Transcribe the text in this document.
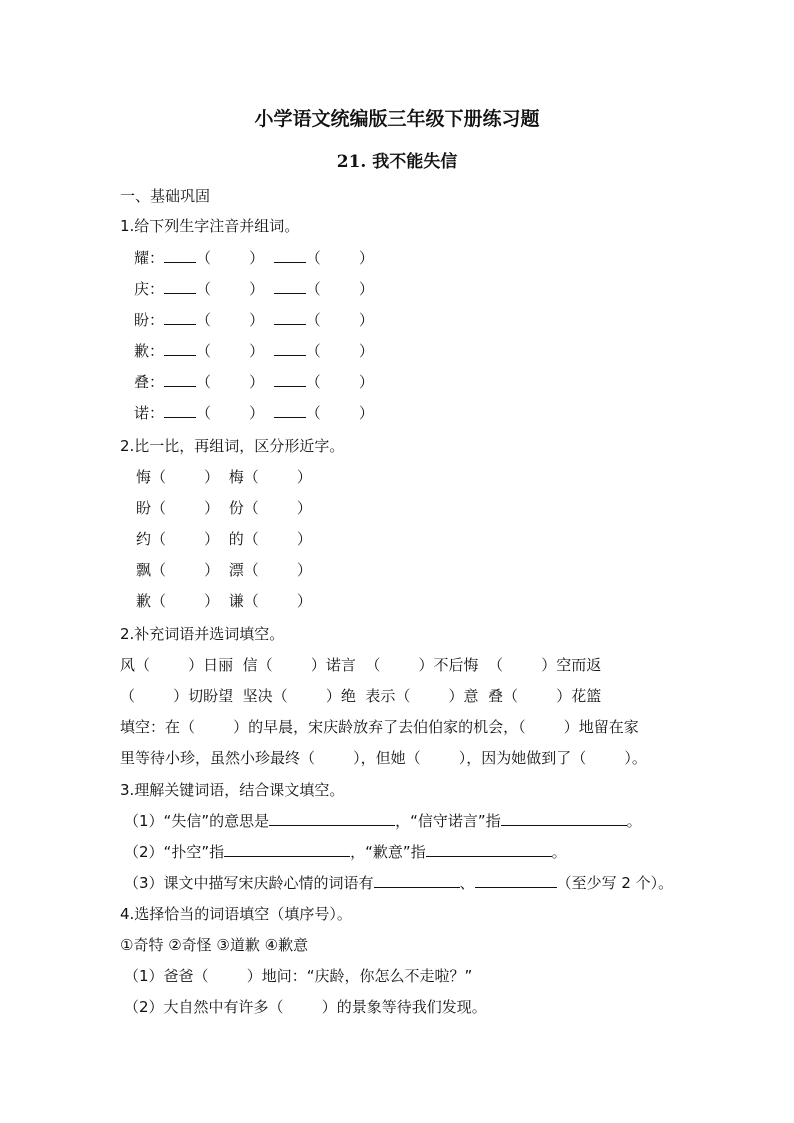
小学语文统编版三年级下册练习题
21. 我不能失信
一、基础巩固
1.给下列生字注音并组词。
耀： （        ）  （        ）
庆： （        ）  （        ）
盼： （        ）  （        ）
歉： （        ）  （        ）
叠： （        ）  （        ）
诺： （        ）  （        ）
2.比一比，再组词，区分形近字。
悔（        ）  梅（        ）
盼（        ）  份（        ）
约（        ）  的（        ）
飘（        ）  漂（        ）
歉（        ）  谦（        ）
2.补充词语并选词填空。
风（        ）日丽  信（        ）诺言  （        ）不后悔  （        ）空而返
（        ）切盼望  坚决（        ）绝  表示（        ）意  叠（        ）花篮
填空：在（        ）的早晨，宋庆龄放弃了去伯伯家的机会，（        ）地留在家
里等待小珍，虽然小珍最终（        ），但她（        ），因为她做到了（        ）。
3.理解关键词语，结合课文填空。
（1）“失信”的意思是	，“信守诺言”指	。
（2）“扑空”指	，“歉意”指	。
（3）课文中描写宋庆龄心情的词语有	、	（至少写 2 个）。
4.选择恰当的词语填空（填序号）。
①奇特 ②奇怪 ③道歉 ④歉意
（1）爸爸（        ）地问：“庆龄，你怎么不走啦？”
（2）大自然中有许多（        ）的景象等待我们发现。
